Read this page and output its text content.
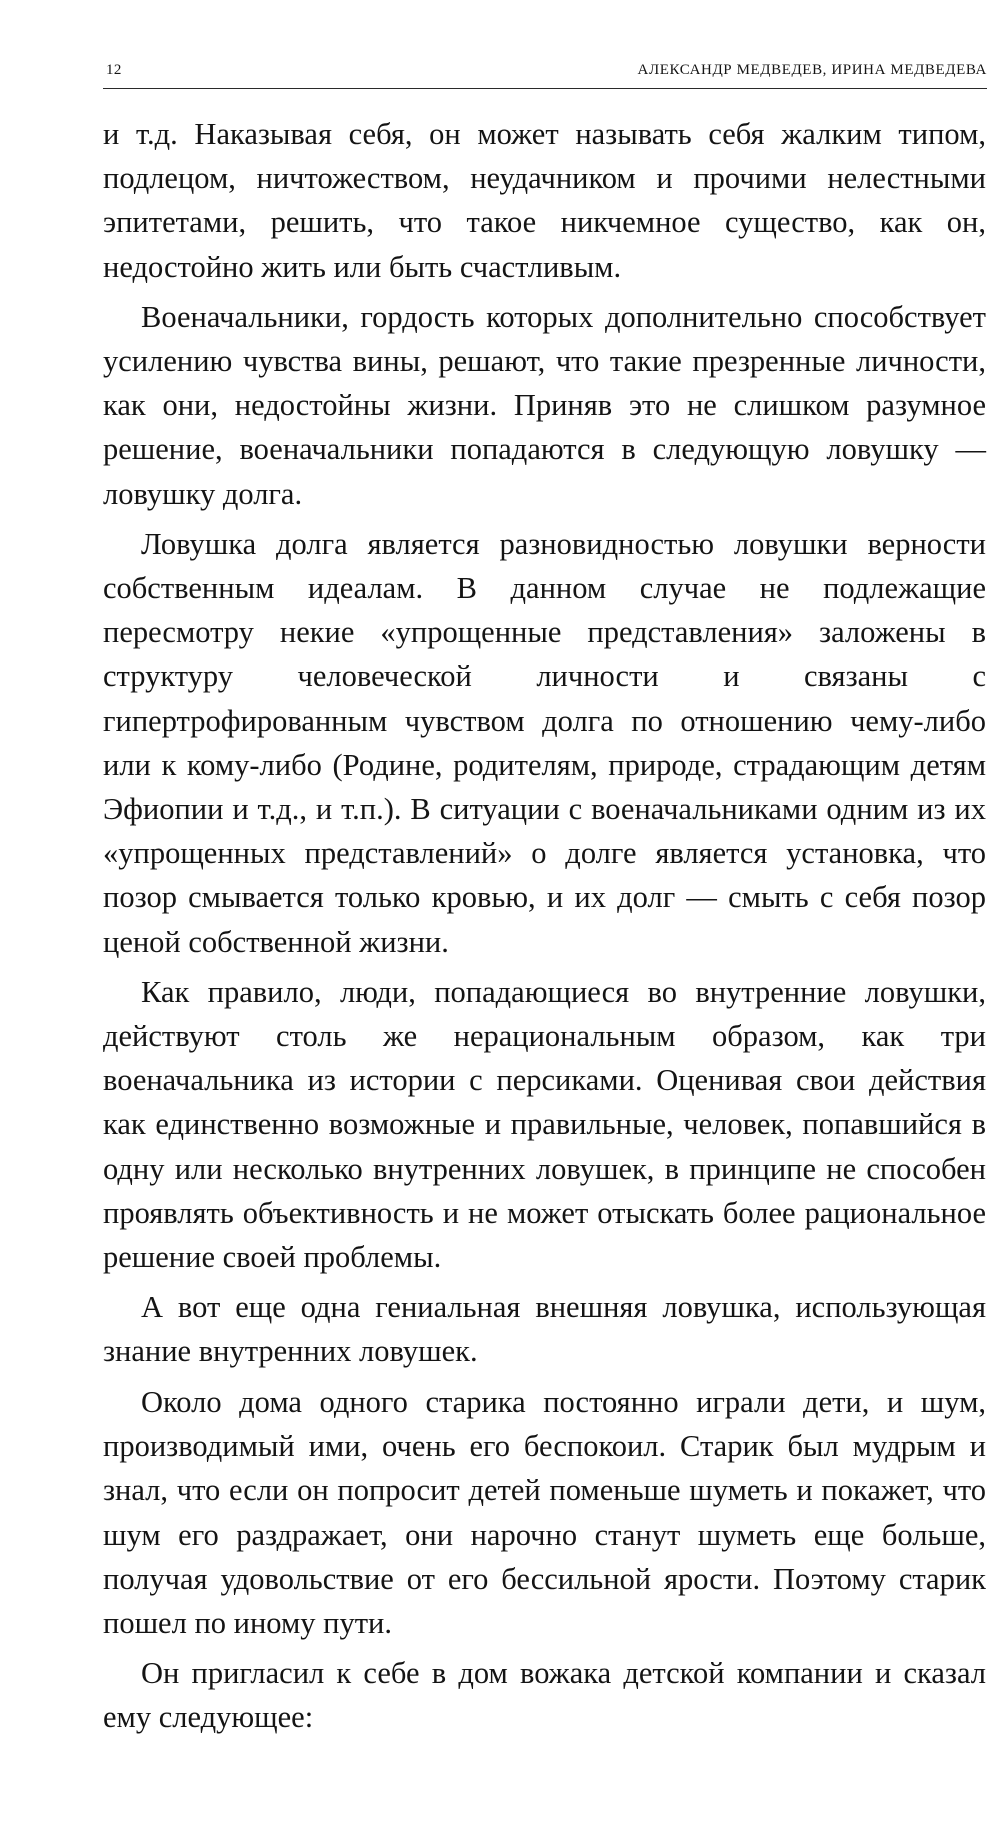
12	АЛЕКСАНДР МЕДВЕДЕВ, ИРИНА МЕДВЕДЕВА

и т.д. Наказывая себя, он может называть себя жалким типом, подлецом, ничтожеством, неудачником и прочими нелестными эпитетами, решить, что такое никчемное существо, как он, недостойно жить или быть счастливым.

Военачальники, гордость которых дополнительно способствует усилению чувства вины, решают, что такие презренные личности, как они, недостойны жизни. Приняв это не слишком разумное решение, военачальники попадаются в следующую ловушку — ловушку долга.

Ловушка долга является разновидностью ловушки верности собственным идеалам. В данном случае не подлежащие пересмотру некие «упрощенные представления» заложены в структуру человеческой личности и связаны с гипертрофированным чувством долга по отношению чему-либо или к кому-либо (Родине, родителям, природе, страдающим детям Эфиопии и т.д., и т.п.). В ситуации с военачальниками одним из их «упрощенных представлений» о долге является установка, что позор смывается только кровью, и их долг — смыть с себя позор ценой собственной жизни.

Как правило, люди, попадающиеся во внутренние ловушки, действуют столь же нерациональным образом, как три военачальника из истории с персиками. Оценивая свои действия как единственно возможные и правильные, человек, попавшийся в одну или несколько внутренних ловушек, в принципе не способен проявлять объективность и не может отыскать более рациональное решение своей проблемы.

А вот еще одна гениальная внешняя ловушка, использующая знание внутренних ловушек.

Около дома одного старика постоянно играли дети, и шум, производимый ими, очень его беспокоил. Старик был мудрым и знал, что если он попросит детей поменьше шуметь и покажет, что шум его раздражает, они нарочно станут шуметь еще больше, получая удовольствие от его бессильной ярости. Поэтому старик пошел по иному пути.

Он пригласил к себе в дом вожака детской компании и сказал ему следующее:
